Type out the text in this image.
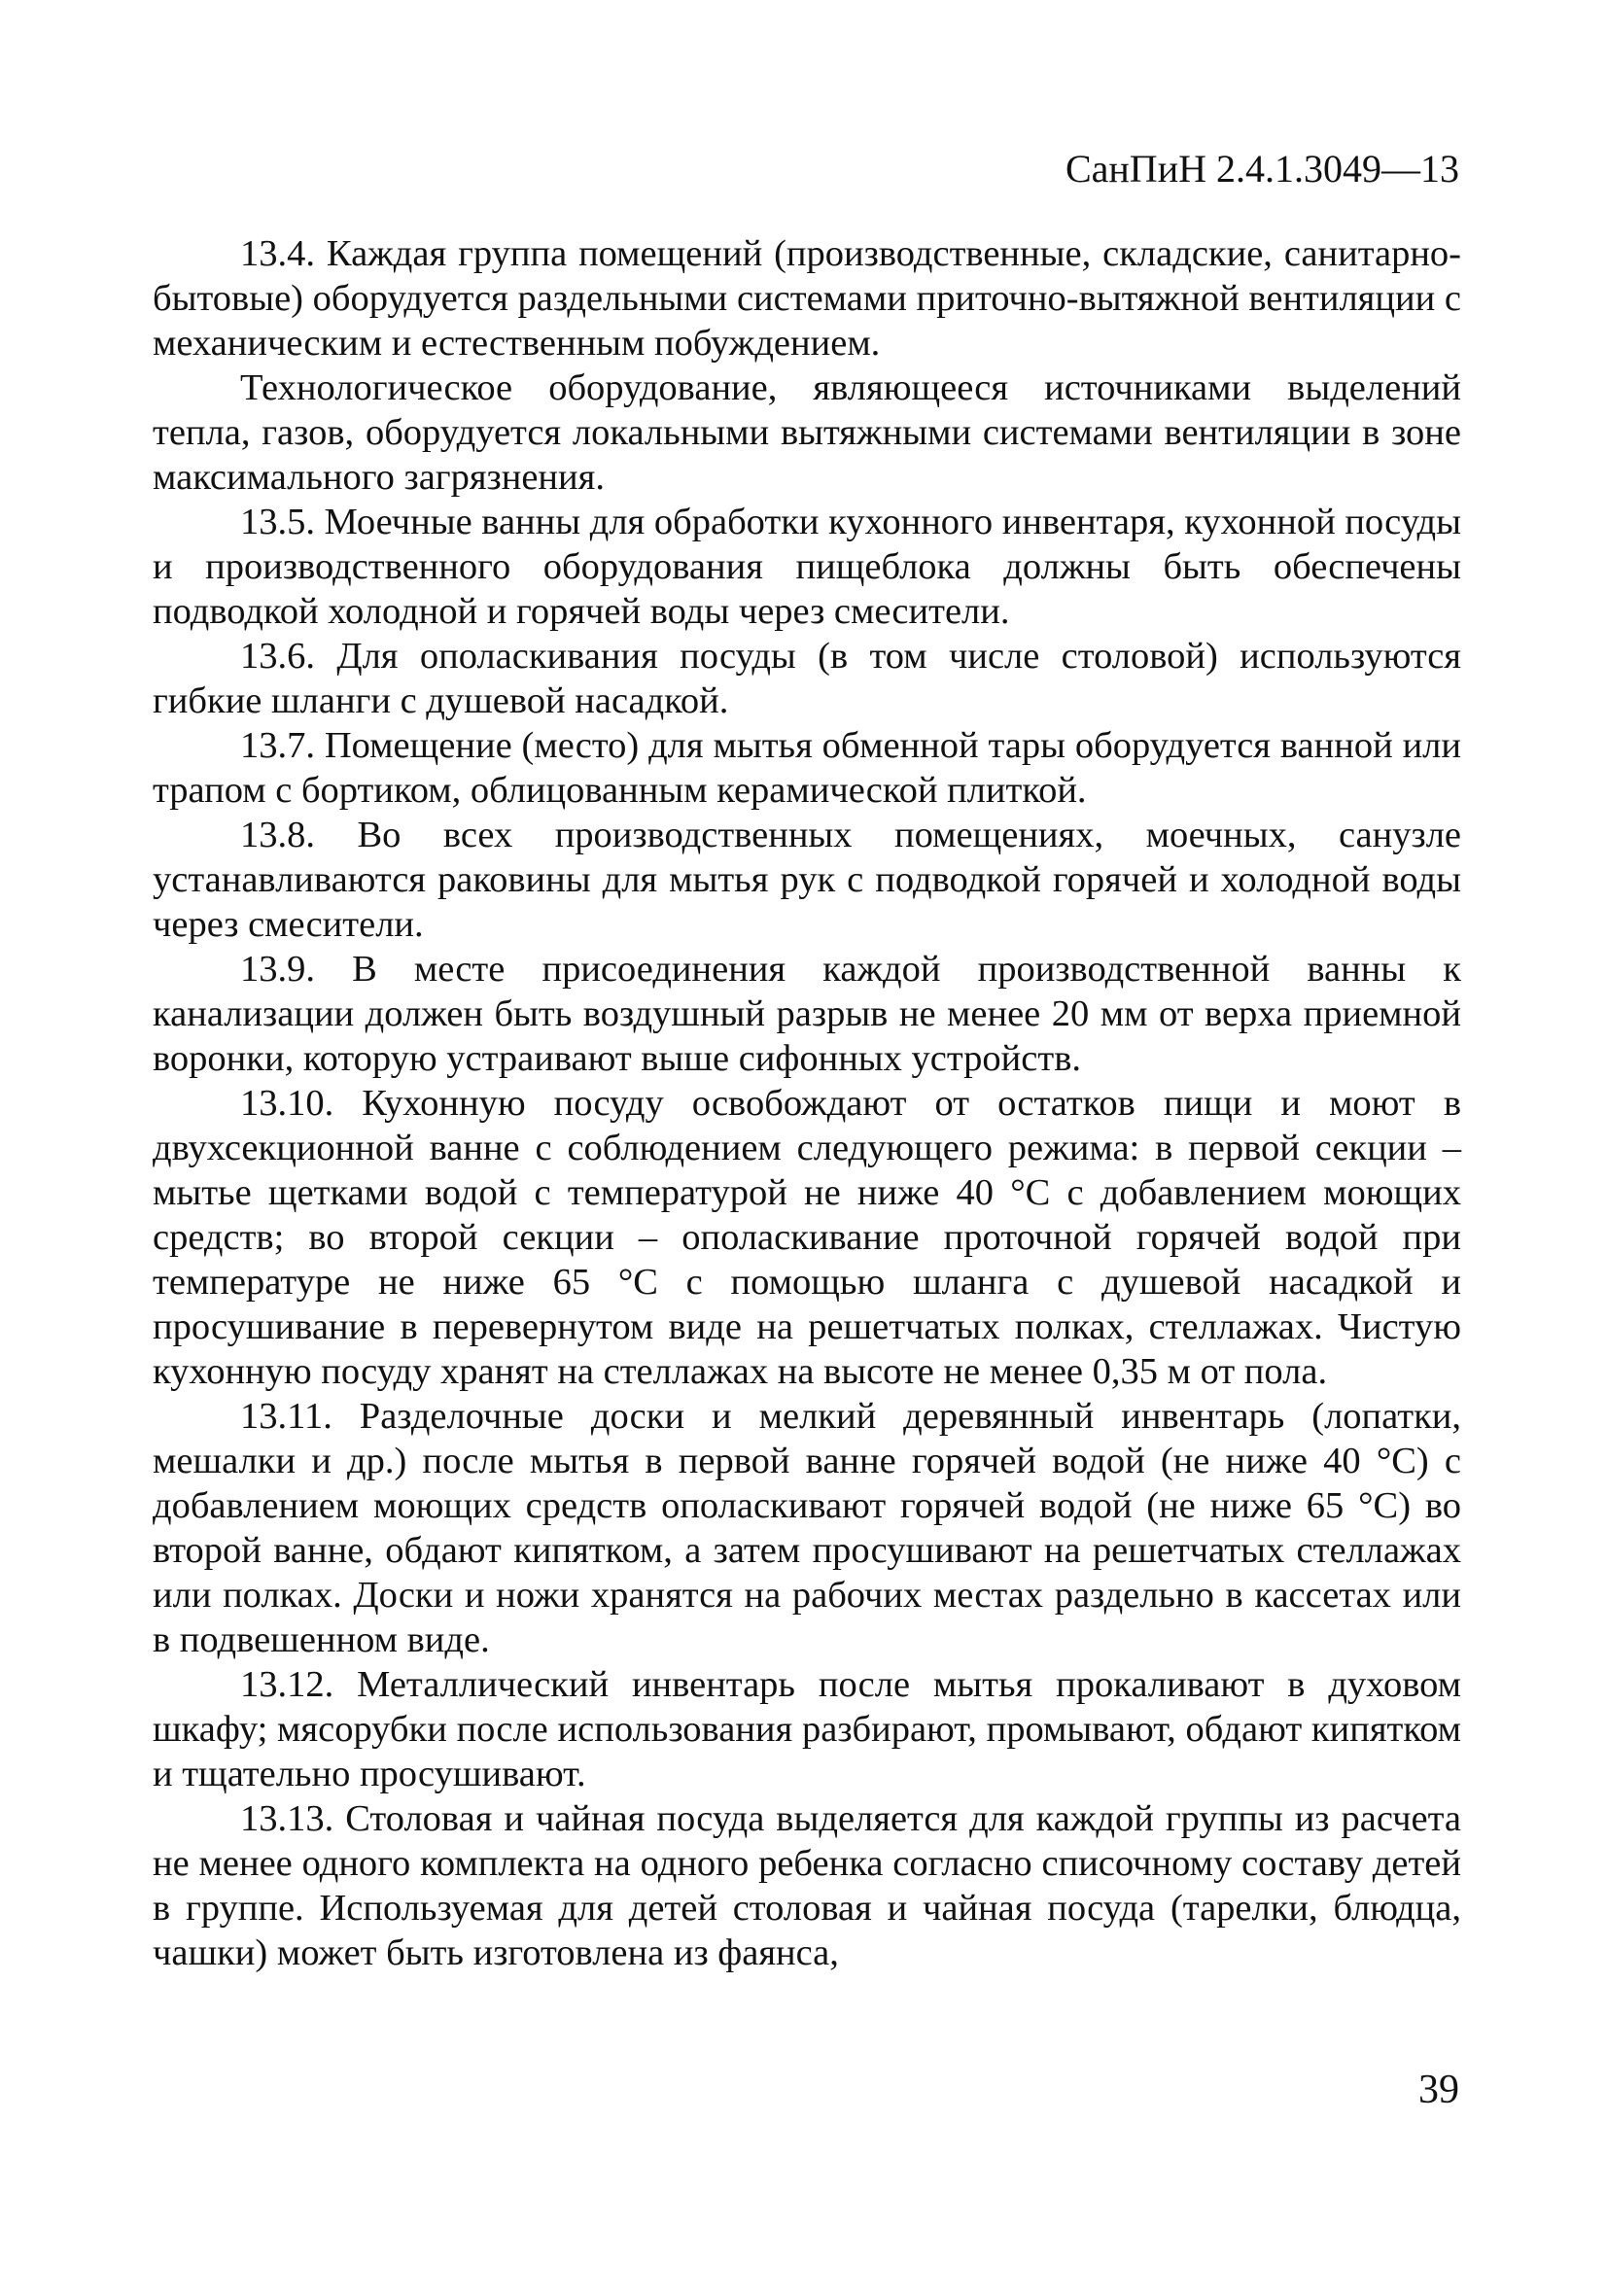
СанПиН 2.4.1.3049—13

13.4. Каждая группа помещений (производственные, складские, санитарно-бытовые) оборудуется раздельными системами приточно-вытяжной вентиляции с механическим и естественным побуждением.

Технологическое оборудование, являющееся источниками выделений тепла, газов, оборудуется локальными вытяжными системами вентиляции в зоне максимального загрязнения.

13.5. Моечные ванны для обработки кухонного инвентаря, кухонной посуды и производственного оборудования пищеблока должны быть обеспечены подводкой холодной и горячей воды через смесители.

13.6. Для ополаскивания посуды (в том числе столовой) используются гибкие шланги с душевой насадкой.

13.7. Помещение (место) для мытья обменной тары оборудуется ванной или трапом с бортиком, облицованным керамической плиткой.

13.8. Во всех производственных помещениях, моечных, санузле устанавливаются раковины для мытья рук с подводкой горячей и холодной воды через смесители.

13.9. В месте присоединения каждой производственной ванны к канализации должен быть воздушный разрыв не менее 20 мм от верха приемной воронки, которую устраивают выше сифонных устройств.

13.10. Кухонную посуду освобождают от остатков пищи и моют в двухсекционной ванне с соблюдением следующего режима: в первой секции – мытье щетками водой с температурой не ниже 40 °С с добавлением моющих средств; во второй секции – ополаскивание проточной горячей водой при температуре не ниже 65 °С с помощью шланга с душевой насадкой и просушивание в перевернутом виде на решетчатых полках, стеллажах. Чистую кухонную посуду хранят на стеллажах на высоте не менее 0,35 м от пола.

13.11. Разделочные доски и мелкий деревянный инвентарь (лопатки, мешалки и др.) после мытья в первой ванне горячей водой (не ниже 40 °С) с добавлением моющих средств ополаскивают горячей водой (не ниже 65 °С) во второй ванне, обдают кипятком, а затем просушивают на решетчатых стеллажах или полках. Доски и ножи хранятся на рабочих местах раздельно в кассетах или в подвешенном виде.

13.12. Металлический инвентарь после мытья прокаливают в духовом шкафу; мясорубки после использования разбирают, промывают, обдают кипятком и тщательно просушивают.

13.13. Столовая и чайная посуда выделяется для каждой группы из расчета не менее одного комплекта на одного ребенка согласно списочному составу детей в группе. Используемая для детей столовая и чайная посуда (тарелки, блюдца, чашки) может быть изготовлена из фаянса,

39
